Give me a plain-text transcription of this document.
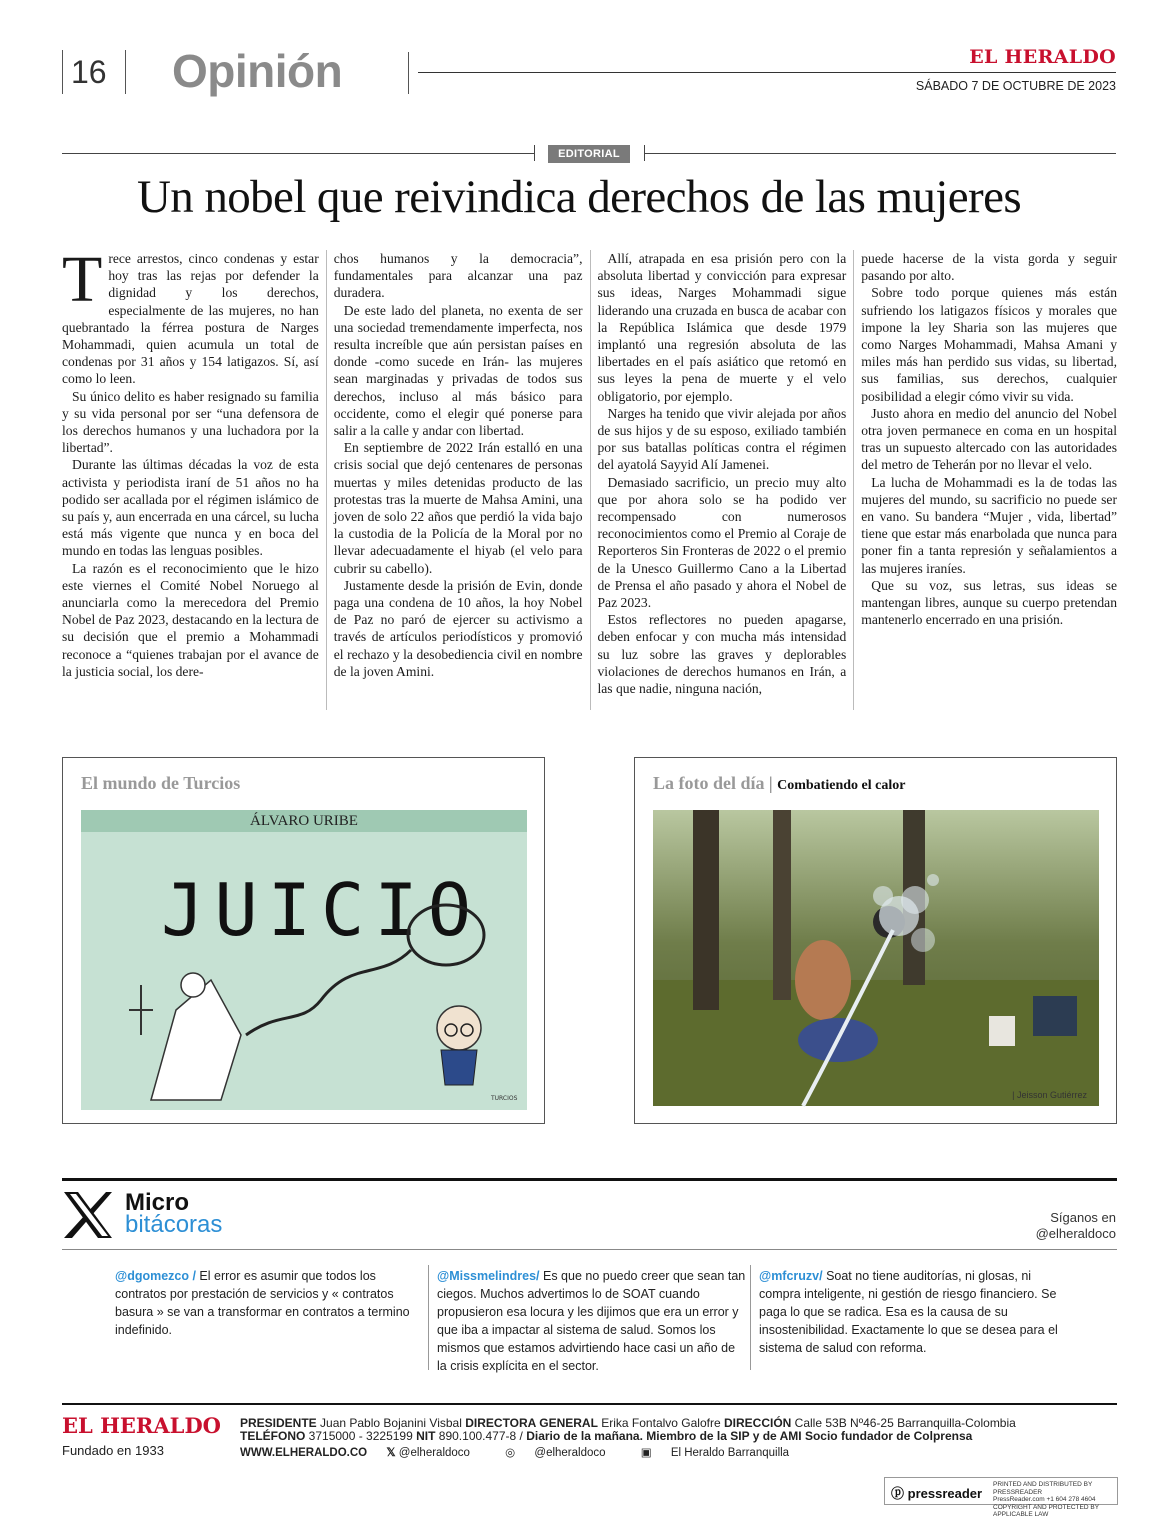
16	Opinión	EL HERALDO
SÁBADO 7 DE OCTUBRE DE 2023
EDITORIAL
Un nobel que reivindica derechos de las mujeres

Trece arrestos, cinco condenas y estar hoy tras las rejas por defender la dignidad y los derechos, especialmente de las mujeres, no han quebrantado la férrea postura de Narges Mohammadi, quien acumula un total de condenas por 31 años y 154 latigazos. Sí, así como lo leen.

Su único delito es haber resignado su familia y su vida personal por ser “una defensora de los derechos humanos y una luchadora por la libertad”.

Durante las últimas décadas la voz de esta activista y periodista iraní de 51 años no ha podido ser acallada por el régimen islámico de su país y, aun encerrada en una cárcel, su lucha está más vigente que nunca y en boca del mundo en todas las lenguas posibles.

La razón es el reconocimiento que le hizo este viernes el Comité Nobel Noruego al anunciarla como la merecedora del Premio Nobel de Paz 2023, destacando en la lectura de su decisión que el premio a Mohammadi reconoce a “quienes trabajan por el avance de la justicia social, los dere-

chos humanos y la democracia”, fundamentales para alcanzar una paz duradera.

De este lado del planeta, no exenta de ser una sociedad tremendamente imperfecta, nos resulta increíble que aún persistan países en donde -como sucede en Irán- las mujeres sean marginadas y privadas de todos sus derechos, incluso al más básico para occidente, como el elegir qué ponerse para salir a la calle y andar con libertad.

En septiembre de 2022 Irán estalló en una crisis social que dejó centenares de personas muertas y miles detenidas producto de las protestas tras la muerte de Mahsa Amini, una joven de solo 22 años que perdió la vida bajo la custodia de la Policía de la Moral por no llevar adecuadamente el hiyab (el velo para cubrir su cabello).

Justamente desde la prisión de Evin, donde paga una condena de 10 años, la hoy Nobel de Paz no paró de ejercer su activismo a través de artículos periodísticos y promovió el rechazo y la desobediencia civil en nombre de la joven Amini.

Allí, atrapada en esa prisión pero con la absoluta libertad y convicción para expresar sus ideas, Narges Mohammadi sigue liderando una cruzada en busca de acabar con la República Islámica que desde 1979 implantó una regresión absoluta de las libertades en el país asiático que retomó en sus leyes la pena de muerte y el velo obligatorio, por ejemplo.

Narges ha tenido que vivir alejada por años de sus hijos y de su esposo, exiliado también por sus batallas políticas contra el régimen del ayatolá Sayyid Alí Jamenei.

Demasiado sacrificio, un precio muy alto que por ahora solo se ha podido ver recompensado con numerosos reconocimientos como el Premio al Coraje de Reporteros Sin Fronteras de 2022 o el premio de la Unesco Guillermo Cano a la Libertad de Prensa el año pasado y ahora el Nobel de Paz 2023.

Estos reflectores no pueden apagarse, deben enfocar y con mucha más intensidad su luz sobre las graves y deplorables violaciones de derechos humanos en Irán, a las que nadie, ninguna nación,

puede hacerse de la vista gorda y seguir pasando por alto.

Sobre todo porque quienes más están sufriendo los latigazos físicos y morales que impone la ley Sharia son las mujeres que como Narges Mohammadi, Mahsa Amani y miles más han perdido sus vidas, su libertad, sus familias, sus derechos, cualquier posibilidad a elegir cómo vivir su vida.

Justo ahora en medio del anuncio del Nobel otra joven permanece en coma en un hospital tras un supuesto altercado con las autoridades del metro de Teherán por no llevar el velo.

La lucha de Mohammadi es la de todas las mujeres del mundo, su sacrificio no puede ser en vano. Su bandera “Mujer , vida, libertad” tiene que estar más enarbolada que nunca para poner fin a tanta represión y señalamientos a las mujeres iraníes.

Que su voz, sus letras, sus ideas se mantengan libres, aunque su cuerpo pretendan mantenerlo encerrado en una prisión.

El mundo de Turcios
ÁLVARO URIBE
JUICIO
TURCIOS
La foto del día | Combatiendo el calor
| Jeisson Gutiérrez
Micro
bitácoras	Síganos en
@elheraldoco
@dgomezco / El error es asumir que todos los contratos por prestación de servicios y « contratos basura » se van a transformar en contratos a termino indefinido.
@Missmelindres/ Es que no puedo creer que sean tan ciegos. Muchos advertimos lo de SOAT cuando propusieron esa locura y les dijimos que era un error y que iba a impactar al sistema de salud. Somos los mismos que estamos advirtiendo hace casi un año de la crisis explícita en el sector.
@mfcruzv/ Soat no tiene auditorías, ni glosas, ni compra inteligente, ni gestión de riesgo financiero. Se paga lo que se radica. Esa es la causa de su insostenibilidad. Exactamente lo que se desea para el sistema de salud con reforma.
EL HERALDO
Fundado en 1933
PRESIDENTE Juan Pablo Bojanini Visbal DIRECTORA GENERAL Erika Fontalvo Galofre DIRECCIÓN Calle 53B Nº46-25 Barranquilla-Colombia
TELÉFONO 3715000 - 3225199 NIT 890.100.477-8 / Diario de la mañana. Miembro de la SIP y de AMI Socio fundador de Colprensa
WWW.ELHERALDO.CO 𝕏 @elheraldoco	◎ @elheraldoco	▣ El Heraldo Barranquilla
ⓟ pressreader
PRINTED AND DISTRIBUTED BY PRESSREADER
PressReader.com +1 604 278 4604
COPYRIGHT AND PROTECTED BY APPLICABLE LAW
